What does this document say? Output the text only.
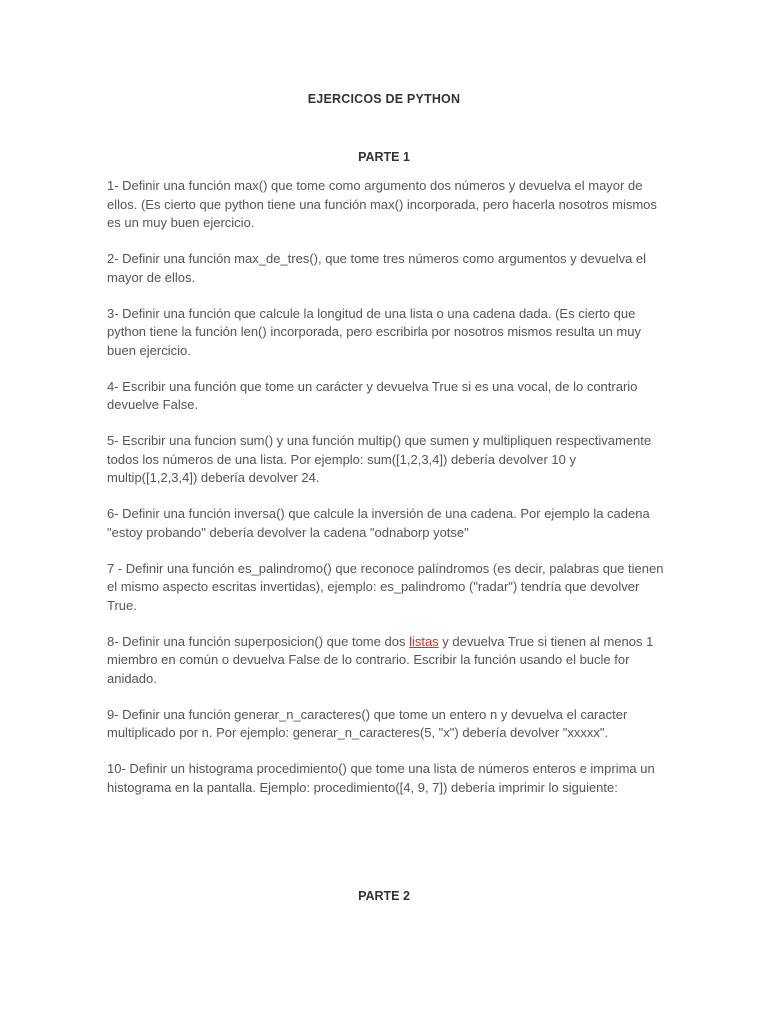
EJERCICOS DE PYTHON
PARTE 1
1- Definir una función max() que tome como argumento dos números y devuelva el mayor de ellos. (Es cierto que python tiene una función max() incorporada, pero hacerla nosotros mismos es un muy buen ejercicio.
2- Definir una función max_de_tres(), que tome tres números como argumentos y devuelva el mayor de ellos.
3- Definir una función que calcule la longitud de una lista o una cadena dada. (Es cierto que python tiene la función len() incorporada, pero escribirla por nosotros mismos resulta un muy buen ejercicio.
4- Escribir una función que tome un carácter y devuelva True si es una vocal, de lo contrario devuelve False.
5- Escribir una funcion sum() y una función multip() que sumen y multipliquen respectivamente todos los números de una lista. Por ejemplo: sum([1,2,3,4]) debería devolver 10 y multip([1,2,3,4]) debería devolver 24.
6- Definir una función inversa() que calcule la inversión de una cadena. Por ejemplo la cadena "estoy probando" debería devolver la cadena "odnaborp yotse"
7 - Definir una función es_palindromo() que reconoce palíndromos (es decir, palabras que tienen el mismo aspecto escritas invertidas), ejemplo: es_palindromo ("radar") tendría que devolver True.
8- Definir una función superposicion() que tome dos listas y devuelva True si tienen al menos 1 miembro en común o devuelva False de lo contrario. Escribir la función usando el bucle for anidado.
9- Definir una función generar_n_caracteres() que tome un entero n y devuelva el caracter multiplicado por n. Por ejemplo: generar_n_caracteres(5, "x") debería devolver "xxxxx".
10- Definir un histograma procedimiento() que tome una lista de números enteros e imprima un histograma en la pantalla. Ejemplo: procedimiento([4, 9, 7]) debería imprimir lo siguiente:
PARTE 2
